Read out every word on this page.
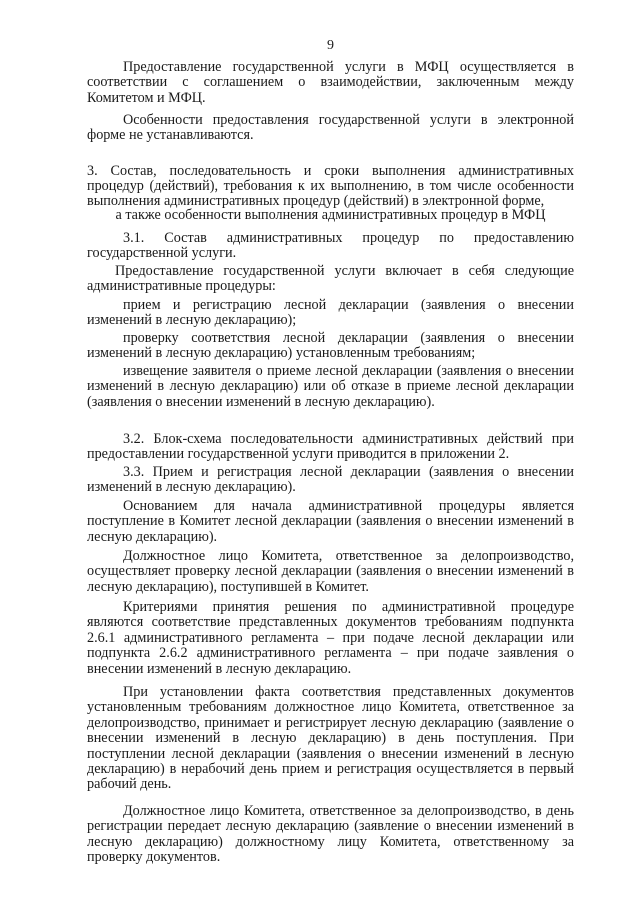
9

Предоставление государственной услуги в МФЦ осуществляется в соответствии с соглашением о взаимодействии, заключенным между Комитетом и МФЦ.

Особенности предоставления государственной услуги в электронной форме не устанавливаются.

3. Состав, последовательность и сроки выполнения административных процедур (действий), требования к их выполнению, в том числе особенности выполнения административных процедур (действий) в электронной форме,
а также особенности выполнения административных процедур в МФЦ

3.1. Состав административных процедур по предоставлению государственной услуги.

Предоставление государственной услуги включает в себя следующие административные процедуры:

прием и регистрацию лесной декларации (заявления о внесении изменений в лесную декларацию);

проверку соответствия лесной декларации (заявления о внесении изменений в лесную декларацию) установленным требованиям;

извещение заявителя о приеме лесной декларации (заявления о внесении изменений в лесную декларацию) или об отказе в приеме лесной декларации (заявления о внесении изменений в лесную декларацию).

3.2. Блок-схема последовательности административных действий при предоставлении государственной услуги приводится в приложении 2.

3.3. Прием и регистрация лесной декларации (заявления о внесении изменений в лесную декларацию).

Основанием для начала административной процедуры является поступление в Комитет лесной декларации (заявления о внесении изменений в лесную декларацию).

Должностное лицо Комитета, ответственное за делопроизводство, осуществляет проверку лесной декларации (заявления о внесении изменений в лесную декларацию), поступившей в Комитет.

Критериями принятия решения по административной процедуре являются соответствие представленных документов требованиям подпункта 2.6.1 административного регламента – при подаче лесной декларации или подпункта 2.6.2 административного регламента – при подаче заявления о внесении изменений в лесную декларацию.

При установлении факта соответствия представленных документов установленным требованиям должностное лицо Комитета, ответственное за делопроизводство, принимает и регистрирует лесную декларацию (заявление о внесении изменений в лесную декларацию) в день поступления. При поступлении лесной декларации (заявления о внесении изменений в лесную декларацию) в нерабочий день прием и регистрация осуществляется в первый рабочий день.

Должностное лицо Комитета, ответственное за делопроизводство, в день регистрации передает лесную декларацию (заявление о внесении изменений в лесную декларацию) должностному лицу Комитета, ответственному за проверку документов.
